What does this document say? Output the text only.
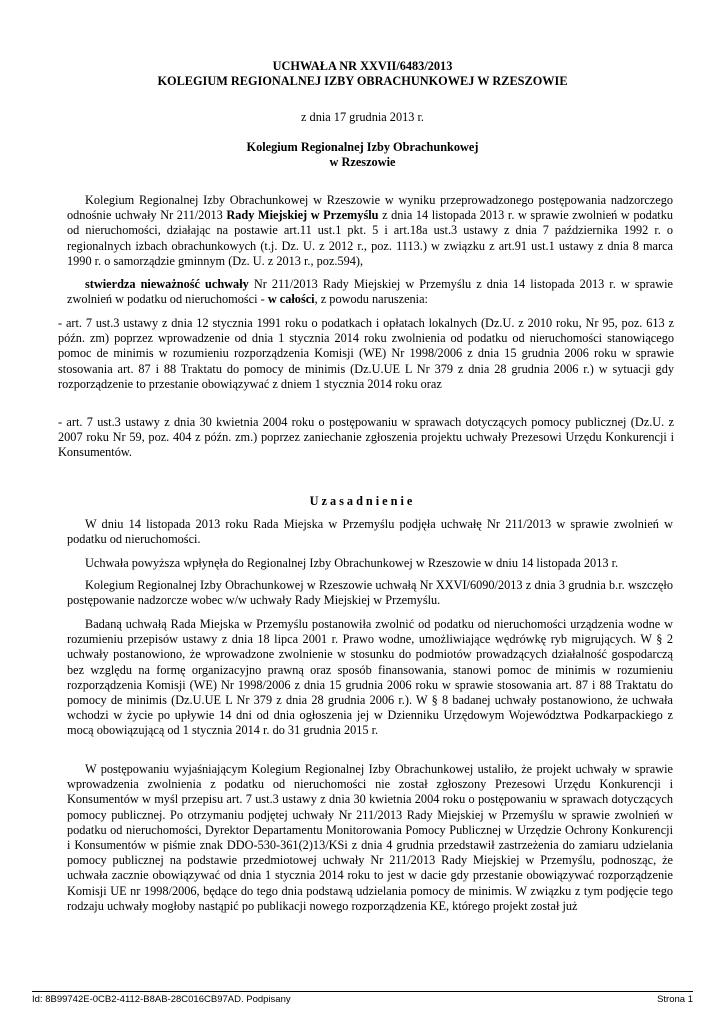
UCHWAŁA NR XXVII/6483/2013
KOLEGIUM REGIONALNEJ IZBY OBRACHUNKOWEJ W RZESZOWIE
z dnia 17 grudnia 2013 r.
Kolegium Regionalnej Izby Obrachunkowej
w Rzeszowie
Kolegium Regionalnej Izby Obrachunkowej w Rzeszowie w wyniku przeprowadzonego postępowania nadzorczego odnośnie uchwały Nr 211/2013 Rady Miejskiej w Przemyślu z dnia 14 listopada 2013 r. w sprawie zwolnień w podatku od nieruchomości, działając na postawie art.11 ust.1 pkt. 5 i art.18a ust.3 ustawy z dnia 7 października 1992 r. o regionalnych izbach obrachunkowych (t.j. Dz. U. z 2012 r., poz. 1113.) w związku z art.91 ust.1 ustawy z dnia 8 marca 1990 r. o samorządzie gminnym (Dz. U. z 2013 r., poz.594),
stwierdza nieważność uchwały Nr 211/2013 Rady Miejskiej w Przemyślu z dnia 14 listopada 2013 r. w sprawie zwolnień w podatku od nieruchomości - w całości, z powodu naruszenia:
- art. 7 ust.3 ustawy z dnia 12 stycznia 1991 roku o podatkach i opłatach lokalnych (Dz.U. z 2010 roku, Nr 95, poz. 613 z późn. zm) poprzez wprowadzenie od dnia 1 stycznia 2014 roku zwolnienia od podatku od nieruchomości stanowiącego pomoc de minimis w rozumieniu rozporządzenia Komisji (WE) Nr 1998/2006 z dnia 15 grudnia 2006 roku w sprawie stosowania art. 87 i 88 Traktatu do pomocy de minimis (Dz.U.UE L Nr 379 z dnia 28 grudnia 2006 r.) w sytuacji gdy rozporządzenie to przestanie obowiązywać z dniem 1 stycznia 2014 roku oraz
- art. 7 ust.3 ustawy z dnia 30 kwietnia 2004 roku o postępowaniu w sprawach dotyczących pomocy publicznej (Dz.U. z 2007 roku Nr 59, poz. 404 z późn. zm.) poprzez zaniechanie zgłoszenia projektu uchwały Prezesowi Urzędu Konkurencji i Konsumentów.
Uzasadnienie
W dniu 14 listopada 2013 roku Rada Miejska w Przemyślu podjęła uchwałę Nr 211/2013 w sprawie zwolnień w podatku od nieruchomości.
Uchwała powyższa wpłynęła do Regionalnej Izby Obrachunkowej w Rzeszowie w dniu 14 listopada 2013 r.
Kolegium Regionalnej Izby Obrachunkowej w Rzeszowie uchwałą Nr XXVI/6090/2013 z dnia 3 grudnia b.r. wszczęło postępowanie nadzorcze wobec w/w uchwały Rady Miejskiej w Przemyślu.
Badaną uchwałą Rada Miejska w Przemyślu postanowiła zwolnić od podatku od nieruchomości urządzenia wodne w rozumieniu przepisów ustawy z dnia 18 lipca 2001 r. Prawo wodne, umożliwiające wędrówkę ryb migrujących. W § 2 uchwały postanowiono, że wprowadzone zwolnienie w stosunku do podmiotów prowadzących działalność gospodarczą bez względu na formę organizacyjno prawną oraz sposób finansowania, stanowi pomoc de minimis w rozumieniu rozporządzenia Komisji (WE) Nr 1998/2006 z dnia 15 grudnia 2006 roku w sprawie stosowania art. 87 i 88 Traktatu do pomocy de minimis (Dz.U.UE L Nr 379 z dnia 28 grudnia 2006 r.). W § 8 badanej uchwały postanowiono, że uchwała wchodzi w życie po upływie 14 dni od dnia ogłoszenia jej w Dzienniku Urzędowym Województwa Podkarpackiego z mocą obowiązującą od 1 stycznia 2014 r. do 31 grudnia 2015 r.
W postępowaniu wyjaśniającym Kolegium Regionalnej Izby Obrachunkowej ustaliło, że projekt uchwały w sprawie wprowadzenia zwolnienia z podatku od nieruchomości nie został zgłoszony Prezesowi Urzędu Konkurencji i Konsumentów w myśl przepisu art. 7 ust.3 ustawy z dnia 30 kwietnia 2004 roku o postępowaniu w sprawach dotyczących pomocy publicznej. Po otrzymaniu podjętej uchwały Nr 211/2013 Rady Miejskiej w Przemyślu w sprawie zwolnień w podatku od nieruchomości, Dyrektor Departamentu Monitorowania Pomocy Publicznej w Urzędzie Ochrony Konkurencji i Konsumentów w piśmie znak DDO-530-361(2)13/KSi z dnia 4 grudnia przedstawił zastrzeżenia do zamiaru udzielania pomocy publicznej na podstawie przedmiotowej uchwały Nr 211/2013 Rady Miejskiej w Przemyślu, podnosząc, że uchwała zacznie obowiązywać od dnia 1 stycznia 2014 roku to jest w dacie gdy przestanie obowiązywać rozporządzenie Komisji UE nr 1998/2006, będące do tego dnia podstawą udzielania pomocy de minimis. W związku z tym podjęcie tego rodzaju uchwały mogłoby nastąpić po publikacji nowego rozporządzenia KE, którego projekt został już
Id: 8B99742E-0CB2-4112-B8AB-28C016CB97AD. Podpisany	Strona 1
